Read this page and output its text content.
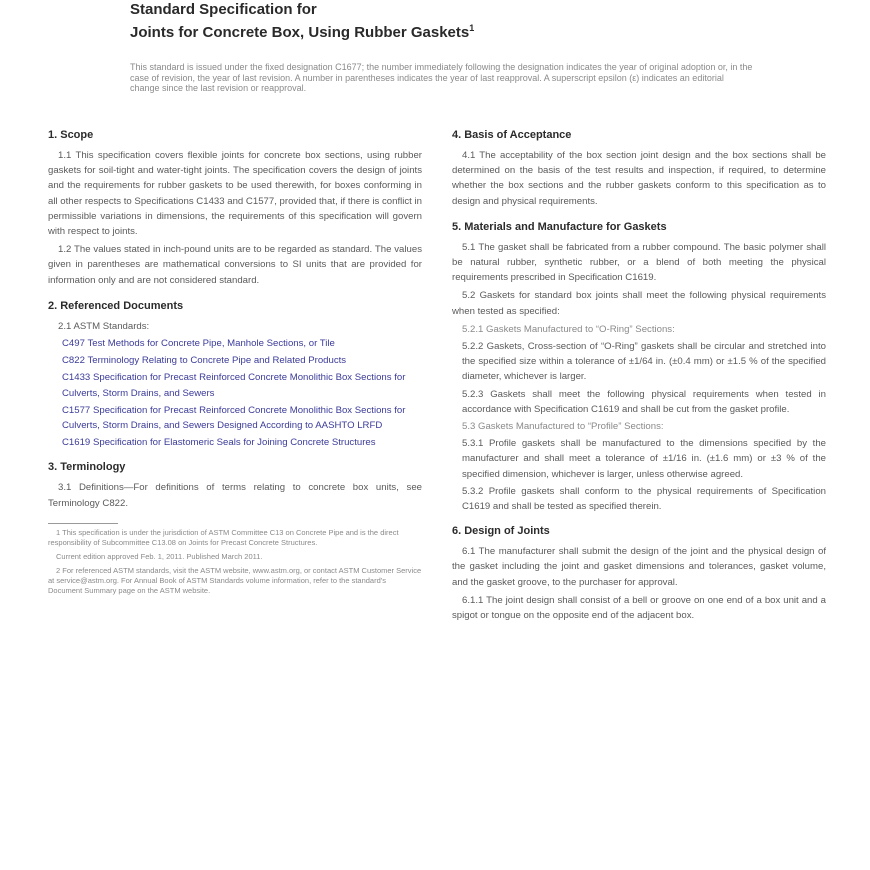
Standard Specification for
Joints for Concrete Box, Using Rubber Gaskets$^1$
This standard is issued under the fixed designation C1677; the number immediately following the designation indicates the year of original adoption or, in the case of revision, the year of last revision. A number in parentheses indicates the year of last reapproval. A superscript epsilon (ε) indicates an editorial change since the last revision or reapproval.
1. Scope
1.1 This specification covers flexible joints for concrete box sections, using rubber gaskets for soil-tight and water-tight joints. The specification covers the design of joints and the requirements for rubber gaskets to be used therewith, for boxes conforming in all other respects to Specifications C1433 and C1577, provided that, if there is conflict in permissible variations in dimensions, the requirements of this specification will govern with respect to joints.
1.2 The values stated in inch-pound units are to be regarded as standard. The values given in parentheses are mathematical conversions to SI units that are provided for information only and are not considered standard.
2. Referenced Documents
2.1 ASTM Standards:
C497 Test Methods for Concrete Pipe, Manhole Sections, or Tile
C822 Terminology Relating to Concrete Pipe and Related Products
C1433 Specification for Precast Reinforced Concrete Monolithic Box Sections for Culverts, Storm Drains, and Sewers
C1577 Specification for Precast Reinforced Concrete Monolithic Box Sections for Culverts, Storm Drains, and Sewers Designed According to AASHTO LRFD
C1619 Specification for Elastomeric Seals for Joining Concrete Structures
3. Terminology
3.1 Definitions—For definitions of terms relating to concrete box units, see Terminology C822.
1 This specification is under the jurisdiction of ASTM Committee C13 on Concrete Pipe and is the direct responsibility of Subcommittee C13.08 on Joints for Precast Concrete Structures.
Current edition approved Feb. 1, 2011. Published March 2011.
2 For referenced ASTM standards, visit the ASTM website, www.astm.org, or contact ASTM Customer Service at service@astm.org. For Annual Book of ASTM Standards volume information, refer to the standard's Document Summary page on the ASTM website.
4. Basis of Acceptance
4.1 The acceptability of the box section joint design and the box sections shall be determined on the basis of the test results and inspection, if required, to determine whether the box sections and the rubber gaskets conform to this specification as to design and physical requirements.
5. Materials and Manufacture for Gaskets
5.1 The gasket shall be fabricated from a rubber compound. The basic polymer shall be natural rubber, synthetic rubber, or a blend of both meeting the physical requirements prescribed in Specification C1619.
5.2 Gaskets for standard box joints shall meet the following physical requirements when tested as specified:
5.2.1 Gaskets Manufactured to “O-Ring” Sections:
5.2.2 Gaskets, Cross-section of “O-Ring” gaskets shall be circular and stretched into the specified size within a tolerance of ±1/64 in. (±0.4 mm) or ±1.5 % of the specified diameter, whichever is larger.
5.2.3 Gaskets shall meet the following physical requirements when tested in accordance with Specification C1619 and shall be cut from the gasket profile.
5.3 Gaskets Manufactured to “Profile” Sections:
5.3.1 Profile gaskets shall be manufactured to the dimensions specified by the manufacturer and shall meet a tolerance of ±1/16 in. (±1.6 mm) or ±3 % of the specified dimension, whichever is larger, unless otherwise agreed.
5.3.2 Profile gaskets shall conform to the physical requirements of Specification C1619 and shall be tested as specified therein.
6. Design of Joints
6.1 The manufacturer shall submit the design of the joint and the physical design of the gasket including the joint and gasket dimensions and tolerances, gasket volume, and the gasket groove, to the purchaser for approval.
6.1.1 The joint design shall consist of a bell or groove on one end of a box unit and a spigot or tongue on the opposite end of the adjacent box.
